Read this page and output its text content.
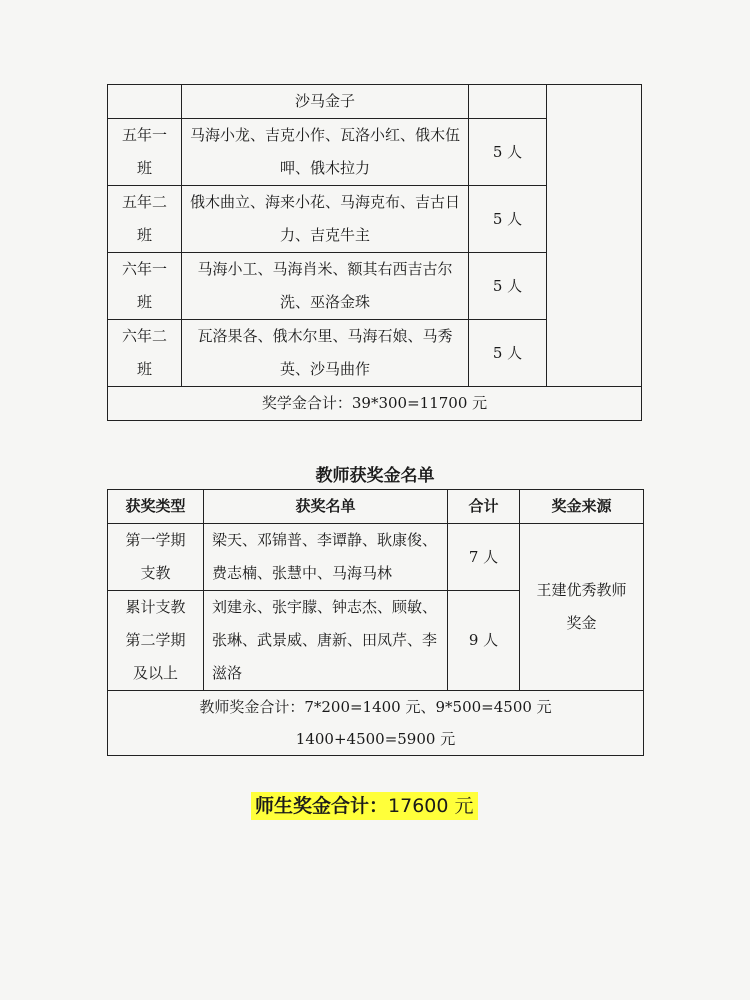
	沙马金子		

五年一班	马海小龙、吉克小作、瓦洛小红、俄木伍呷、俄木拉力	5 人	

五年二班	俄木曲立、海来小花、马海克布、吉古日力、吉克牛主	5 人	

六年一班	马海小工、马海肖米、额其右西吉古尔洗、巫洛金珠	5 人	

六年二班	瓦洛果各、俄木尔里、马海石娘、马秀英、沙马曲作	5 人	
奖学金合计：39*300=11700 元			
教师获奖金名单
获奖类型	获奖名单	合计	奖金来源

第一学期支教	梁天、邓锦普、李谭静、耿康俊、费志楠、张慧中、马海马林	7 人	王建优秀教师奖金

累计支教第二学期及以上	刘建永、张宇朦、钟志杰、顾敏、张琳、武景威、唐新、田凤芹、李滋洛	9 人	

教师奖金合计：7*200=1400 元、9*500=4500 元
1400+4500=5900 元			
师生奖金合计：17600 元
